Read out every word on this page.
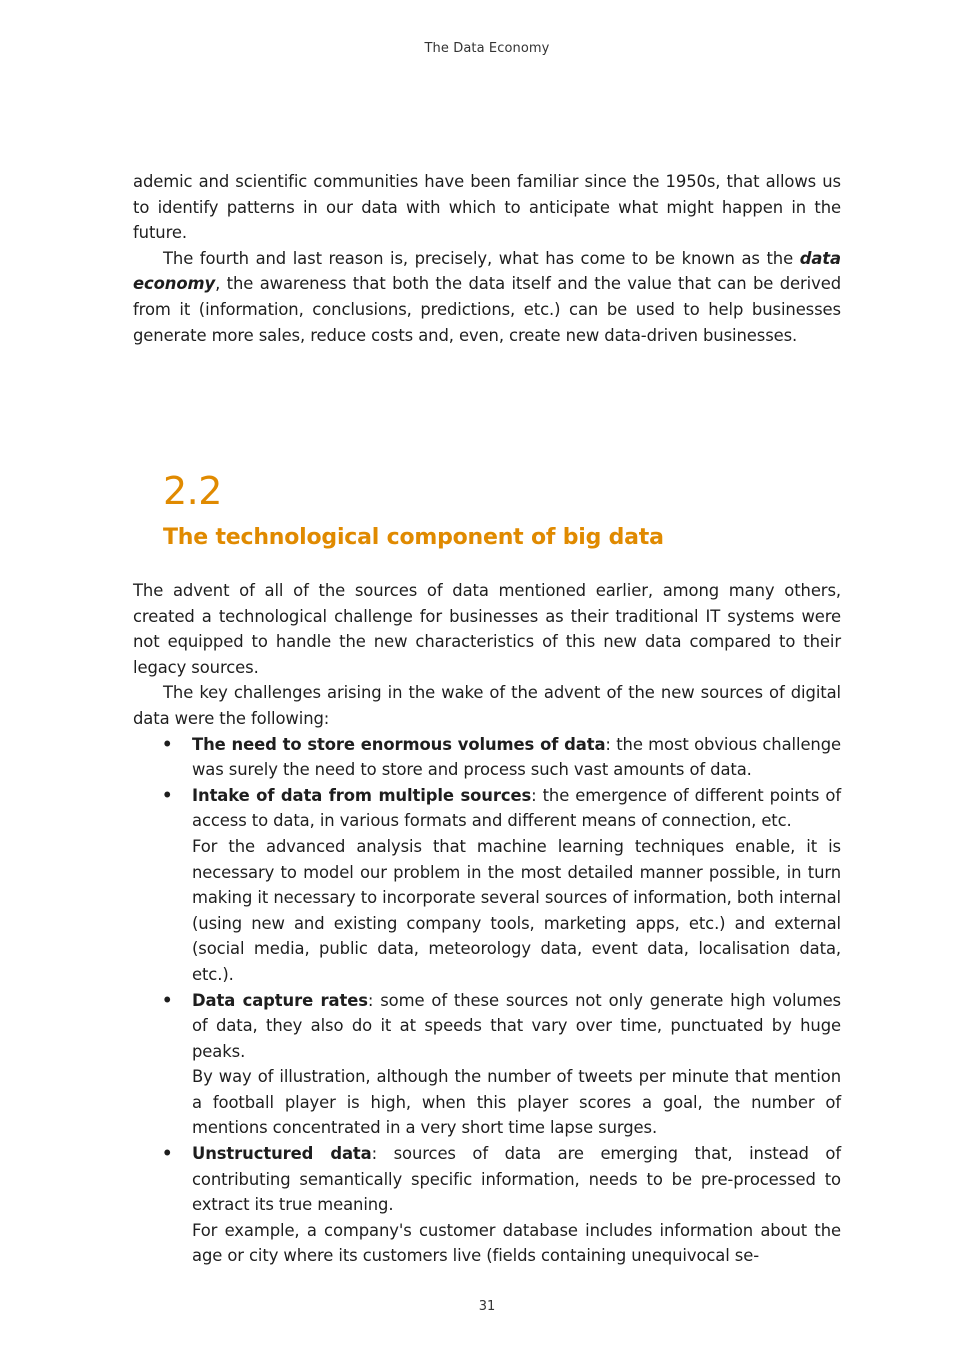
The Data Economy

ademic and scientific communities have been familiar since the 1950s, that allows us to identify patterns in our data with which to anticipate what might happen in the future.

The fourth and last reason is, precisely, what has come to be known as the data economy, the awareness that both the data itself and the value that can be derived from it (information, conclusions, predictions, etc.) can be used to help businesses generate more sales, reduce costs and, even, create new data-driven businesses.

2.2
The technological component of big data

The advent of all of the sources of data mentioned earlier, among many others, created a technological challenge for businesses as their traditional IT systems were not equipped to handle the new characteristics of this new data compared to their legacy sources.

The key challenges arising in the wake of the advent of the new sources of digital data were the following:

• The need to store enormous volumes of data: the most obvious challenge was surely the need to store and process such vast amounts of data.
• Intake of data from multiple sources: the emergence of different points of access to data, in various formats and different means of connection, etc.

For the advanced analysis that machine learning techniques enable, it is necessary to model our problem in the most detailed manner possible, in turn making it necessary to incorporate several sources of information, both internal (using new and existing company tools, marketing apps, etc.) and external (social media, public data, meteorology data, event data, localisation data, etc.).

• Data capture rates: some of these sources not only generate high volumes of data, they also do it at speeds that vary over time, punctuated by huge peaks.

By way of illustration, although the number of tweets per minute that mention a football player is high, when this player scores a goal, the number of mentions concentrated in a very short time lapse surges.

• Unstructured data: sources of data are emerging that, instead of contributing semantically specific information, needs to be pre-processed to extract its true meaning.

For example, a company's customer database includes information about the age or city where its customers live (fields containing unequivocal se-

31
